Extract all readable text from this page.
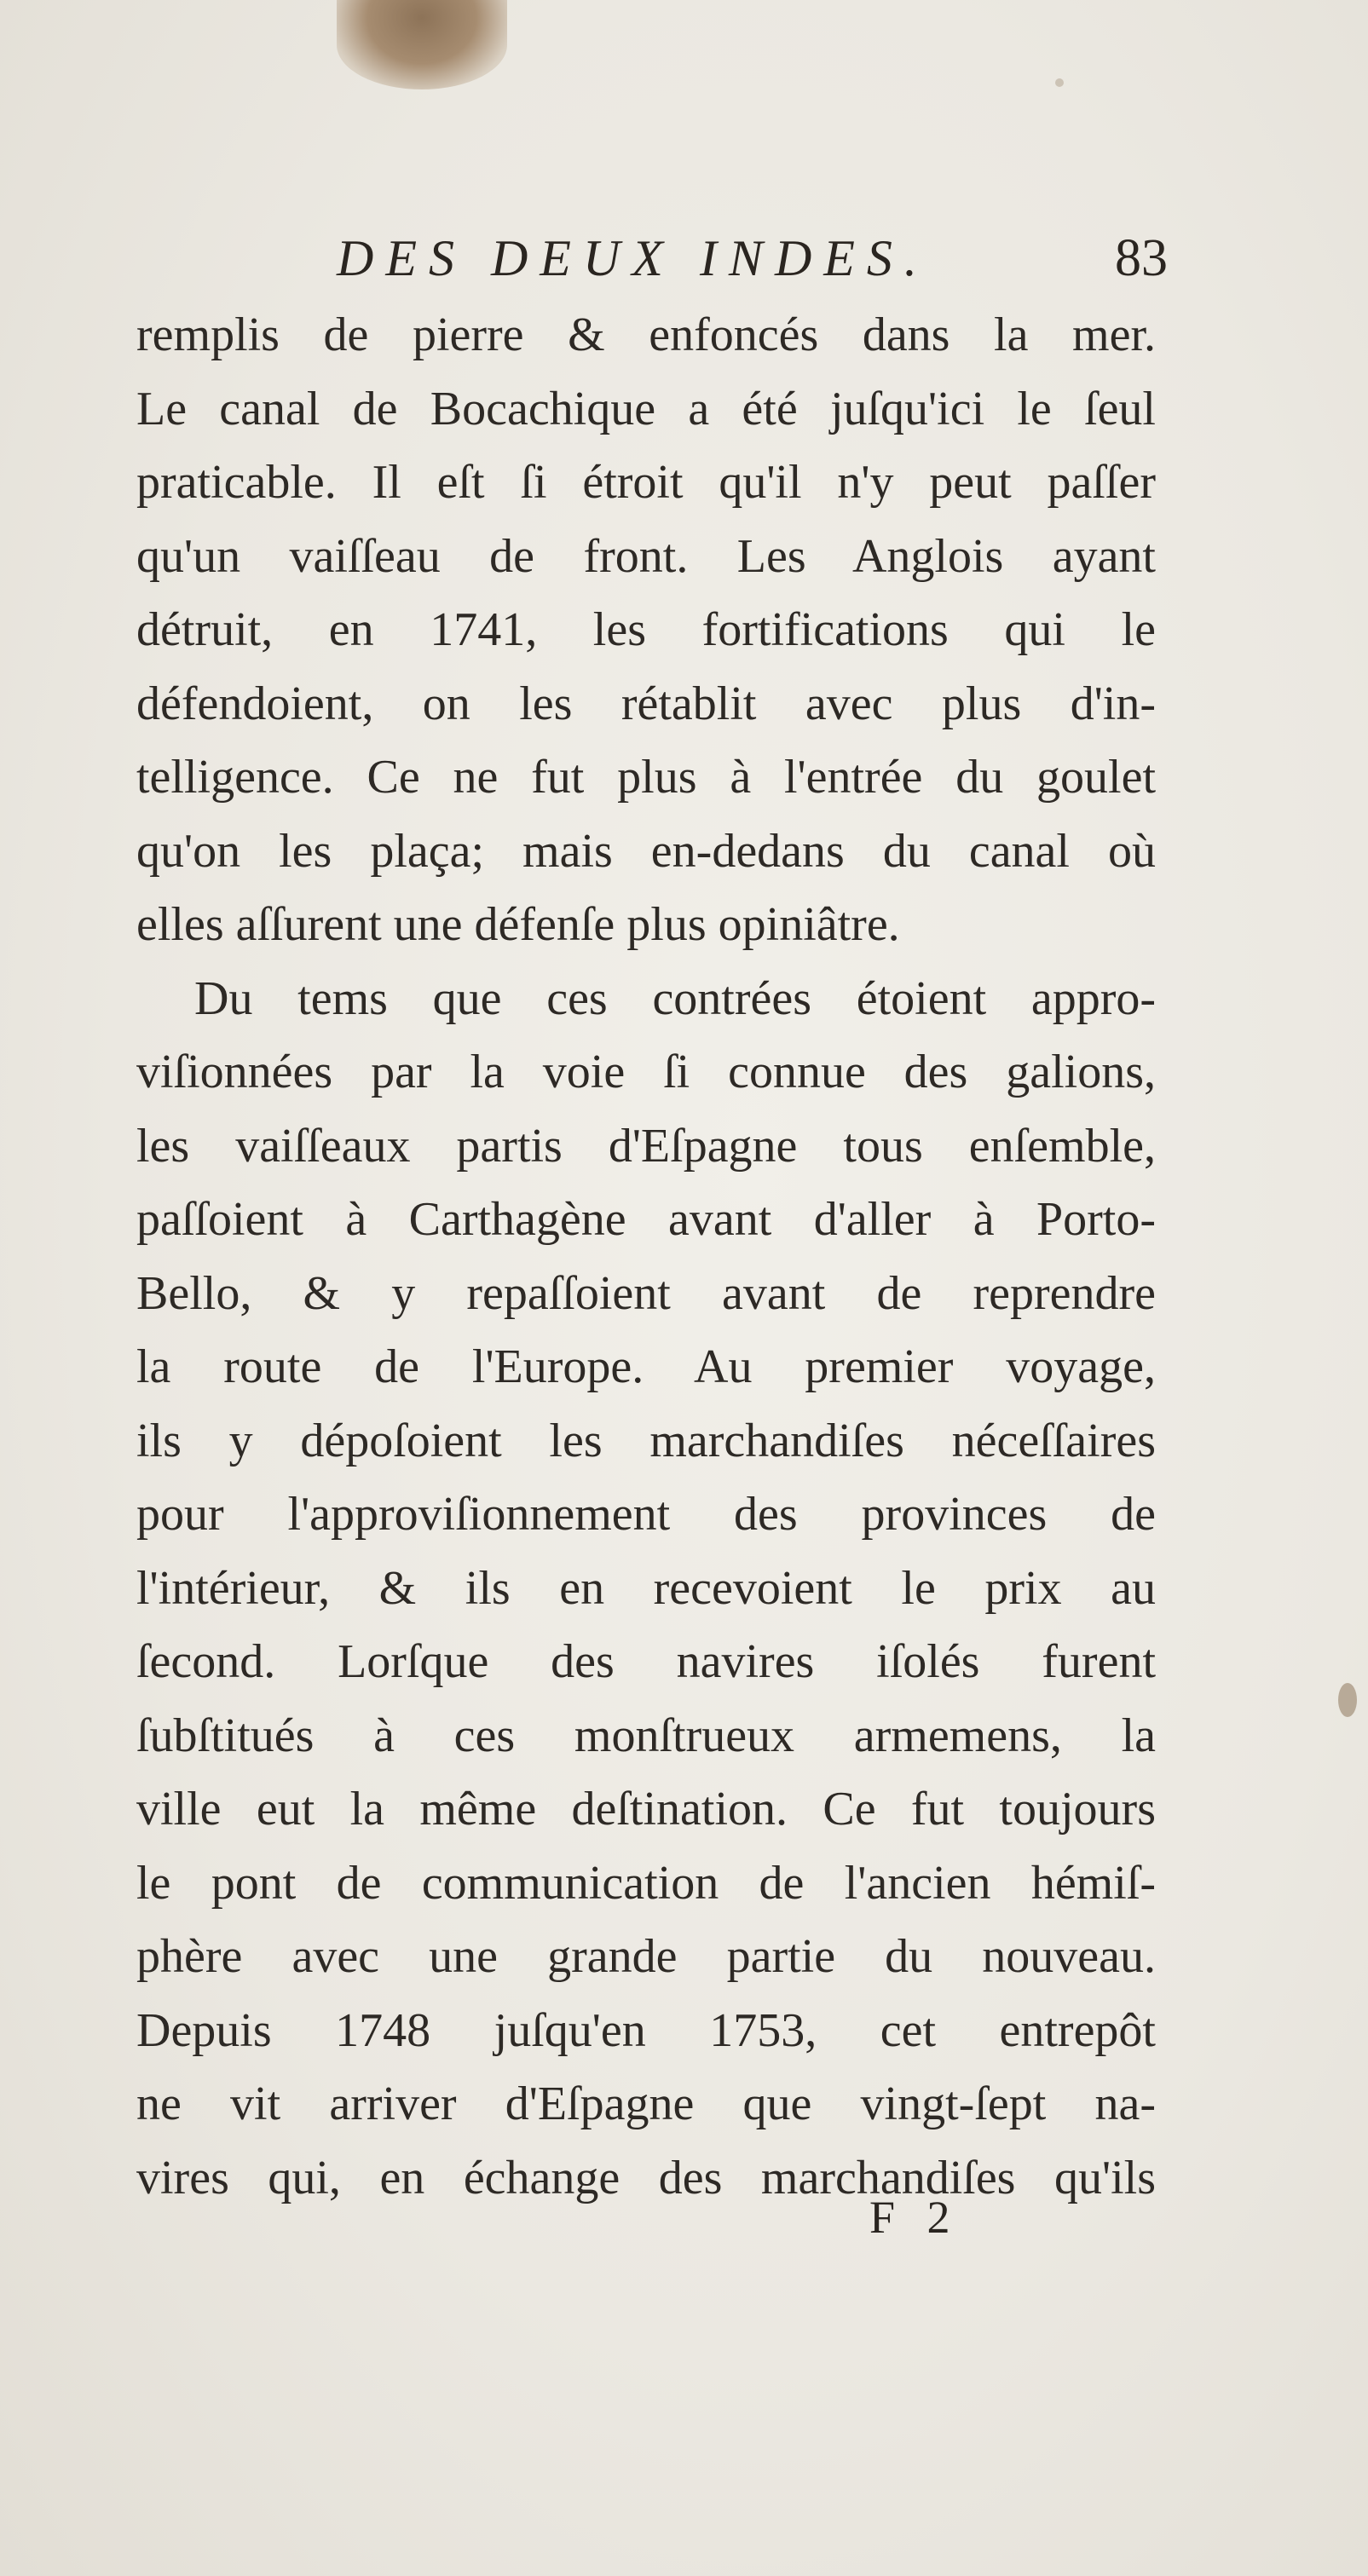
DES DEUX INDES.	83
remplis de pierre & enfoncés dans la mer.
Le canal de Bocachique a été juſqu'ici le ſeul
praticable. Il eſt ſi étroit qu'il n'y peut paſſer
qu'un vaiſſeau de front. Les Anglois ayant
détruit, en 1741, les fortifications qui le
défendoient, on les rétablit avec plus d'in-
telligence. Ce ne fut plus à l'entrée du goulet
qu'on les plaça; mais en-dedans du canal où
elles aſſurent une défenſe plus opiniâtre.
Du tems que ces contrées étoient appro-
viſionnées par la voie ſi connue des galions,
les vaiſſeaux partis d'Eſpagne tous enſemble,
paſſoient à Carthagène avant d'aller à Porto-
Bello, & y repaſſoient avant de reprendre
la route de l'Europe. Au premier voyage,
ils y dépoſoient les marchandiſes néceſſaires
pour l'approviſionnement des provinces de
l'intérieur, & ils en recevoient le prix au
ſecond. Lorſque des navires iſolés furent
ſubſtitués à ces monſtrueux armemens, la
ville eut la même deſtination. Ce fut toujours
le pont de communication de l'ancien hémiſ-
phère avec une grande partie du nouveau.
Depuis 1748 juſqu'en 1753, cet entrepôt
ne vit arriver d'Eſpagne que vingt-ſept na-
vires qui, en échange des marchandiſes qu'ils
F 2
